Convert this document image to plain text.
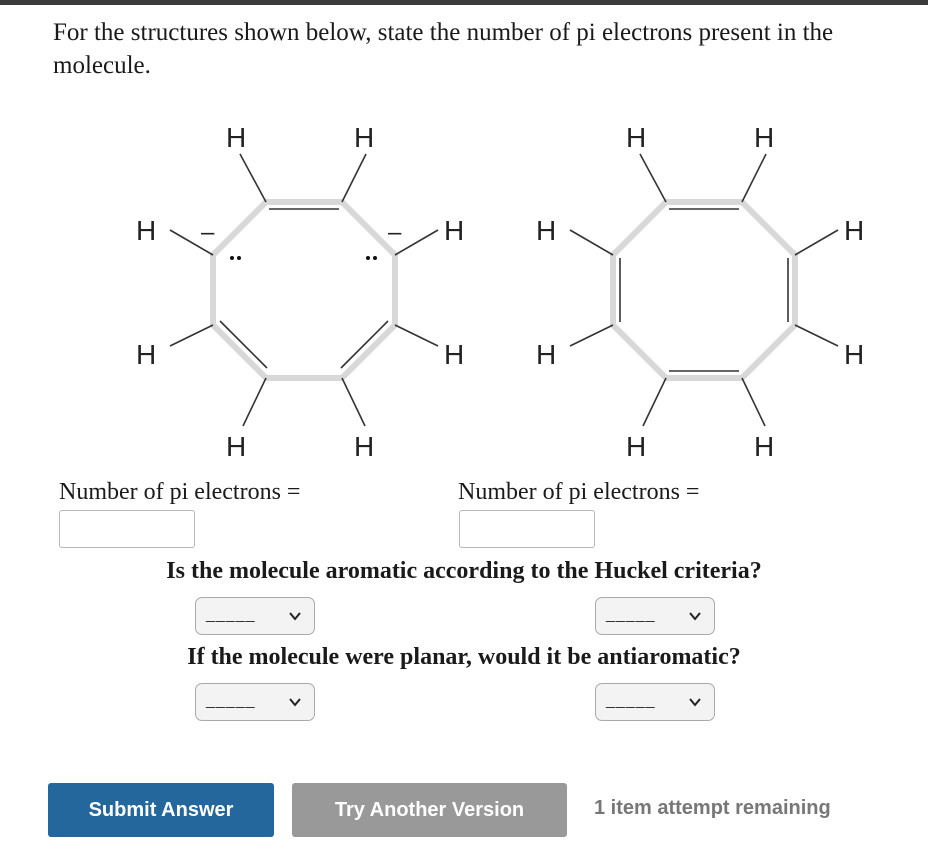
For the structures shown below, state the number of pi electrons present in the molecule.
H	H
H	H
H	H
H	H
–	–
H	H
H	H
H	H
H	H
Number of pi electrons =	Number of pi electrons =
Is the molecule aromatic according to the Huckel criteria?
_____	_____
If the molecule were planar, would it be antiaromatic?
_____	_____
Submit Answer	Try Another Version	1 item attempt remaining
